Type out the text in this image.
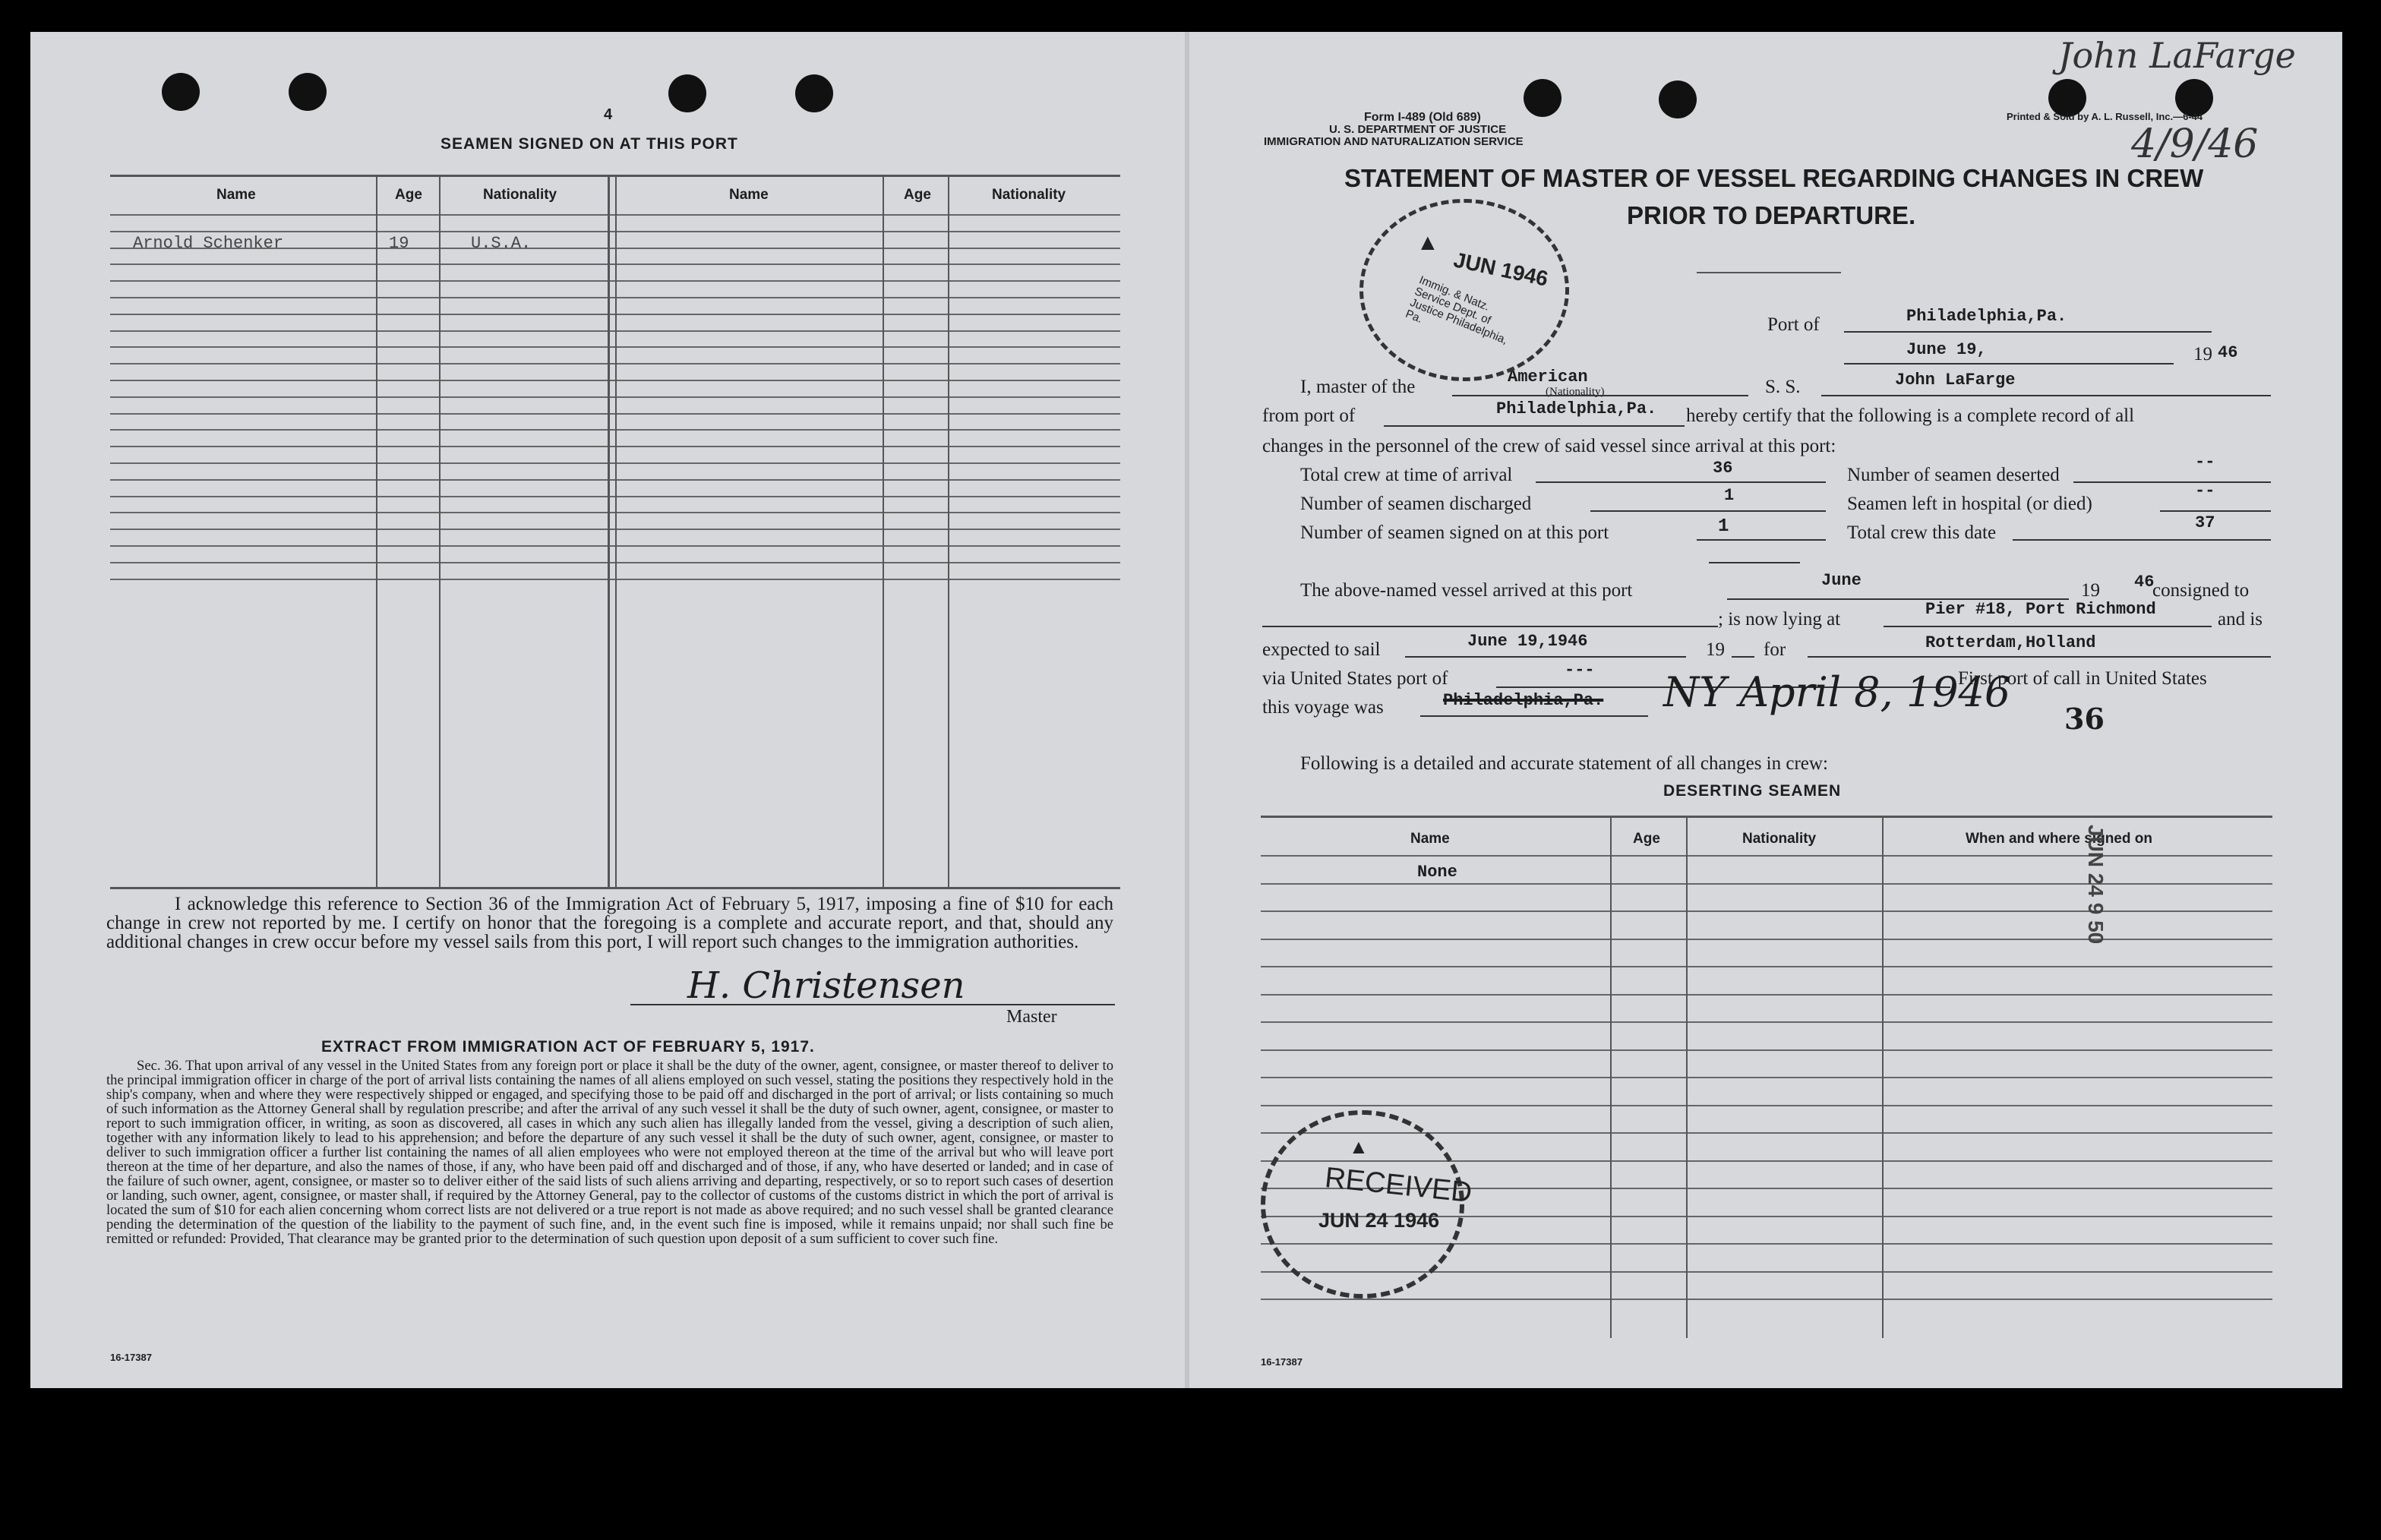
4
SEAMEN SIGNED ON AT THIS PORT
Name	Age	Nationality	Name	Age	Nationality
Arnold Schenker	19	U.S.A.
I acknowledge this reference to Section 36 of the Immigration Act of February 5, 1917, imposing a fine of $10 for each change in crew not reported by me. I certify on honor that the foregoing is a complete and accurate report, and that, should any additional changes in crew occur before my vessel sails from this port, I will report such changes to the immigration authorities.
H. Christensen
Master
EXTRACT FROM IMMIGRATION ACT OF FEBRUARY 5, 1917.
Sec. 36. That upon arrival of any vessel in the United States from any foreign port or place it shall be the duty of the owner, agent, consignee, or master thereof to deliver to the principal immigration officer in charge of the port of arrival lists containing the names of all aliens employed on such vessel, stating the positions they respectively hold in the ship's company, when and where they were respectively shipped or engaged, and specifying those to be paid off and discharged in the port of arrival; or lists containing so much of such information as the Attorney General shall by regulation prescribe; and after the arrival of any such vessel it shall be the duty of such owner, agent, consignee, or master to report to such immigration officer, in writing, as soon as discovered, all cases in which any such alien has illegally landed from the vessel, giving a description of such alien, together with any information likely to lead to his apprehension; and before the departure of any such vessel it shall be the duty of such owner, agent, consignee, or master to deliver to such immigration officer a further list containing the names of all alien employees who were not employed thereon at the time of the arrival but who will leave port thereon at the time of her departure, and also the names of those, if any, who have been paid off and discharged and of those, if any, who have deserted or landed; and in case of the failure of such owner, agent, consignee, or master so to deliver either of the said lists of such aliens arriving and departing, respectively, or so to report such cases of desertion or landing, such owner, agent, consignee, or master shall, if required by the Attorney General, pay to the collector of customs of the customs district in which the port of arrival is located the sum of $10 for each alien concerning whom correct lists are not delivered or a true report is not made as above required; and no such vessel shall be granted clearance pending the determination of the question of the liability to the payment of such fine, and, in the event such fine is imposed, while it remains unpaid; nor shall such fine be remitted or refunded: Provided, That clearance may be granted prior to the determination of such question upon deposit of a sum sufficient to cover such fine.
16-17387
Form I-489 (Old 689)
U. S. DEPARTMENT OF JUSTICE
IMMIGRATION AND NATURALIZATION SERVICE
Printed & Sold by A. L. Russell, Inc.—6-44
John LaFarge
4/9/46
STATEMENT OF MASTER OF VESSEL REGARDING CHANGES IN CREW
PRIOR TO DEPARTURE.
Port of	Philadelphia,Pa.
June 19,	19 46
I, master of the	American
(Nationality)	S. S.	John LaFarge
from port of	Philadelphia,Pa. hereby certify that the following is a complete record of all
changes in the personnel of the crew of said vessel since arrival at this port:
Total crew at time of arrival	36
Number of seamen discharged	1
Number of seamen signed on at this port	1
Number of seamen deserted
--
Seamen left in hospital (or died)
--
Total crew this date	37
The above-named vessel arrived at this port	June	19 46
consigned to
; is now lying at	Pier #18, Port Richmond	and is
expected to sail	June 19,1946	19 for	Rotterdam,Holland
via United States port of	---	First port of call in United States
this voyage was	Philadelphia,Pa. NY April 8, 1946
36
Following is a detailed and accurate statement of all changes in crew:
DESERTING SEAMEN
Name	Age	Nationality	When and where signed on
None
16-17387
▲
JUN 1946
Immig. & Natz. Service Dept. of Justice Philadelphia, Pa.
▲
RECEIVED
JUN 24 1946
JUN 24 9 50
